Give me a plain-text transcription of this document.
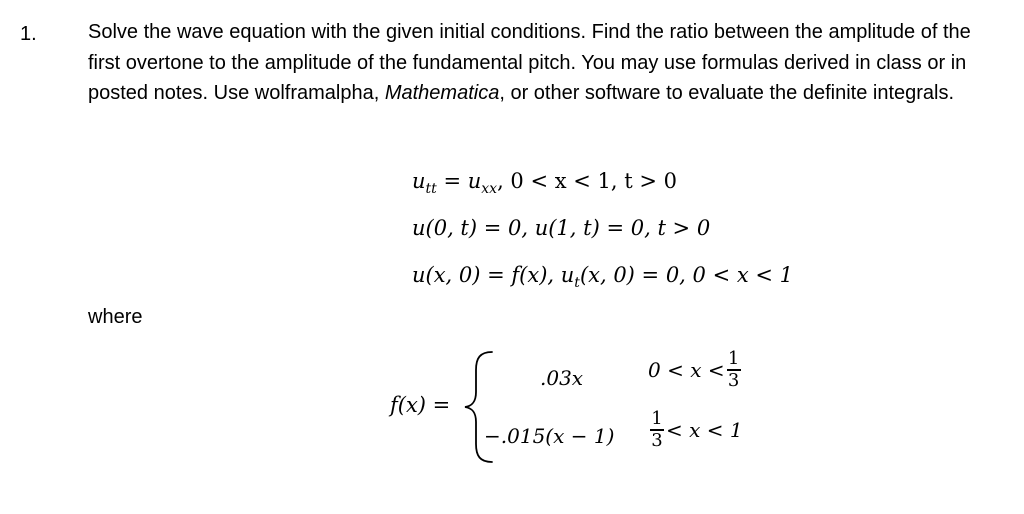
1.	Solve the wave equation with the given initial conditions. Find the ratio between the amplitude of the first overtone to the amplitude of the fundamental pitch. You may use formulas derived in class or in posted notes. Use wolframalpha, Mathematica, or other software to evaluate the definite integrals.
$u_{tt} = u_{xx}$, 0 < x < 1, t > 0
u(0, t) = 0, u(1, t) = 0, t > 0
u(x, 0) = f(x), $u_t(x$, 0) = 0, 0 < x < 1
where
f(x) =
.03x
−.015(x − 1)
$0 < x < \frac{1}{3}$
$\frac{1}{3} < x < 1$
